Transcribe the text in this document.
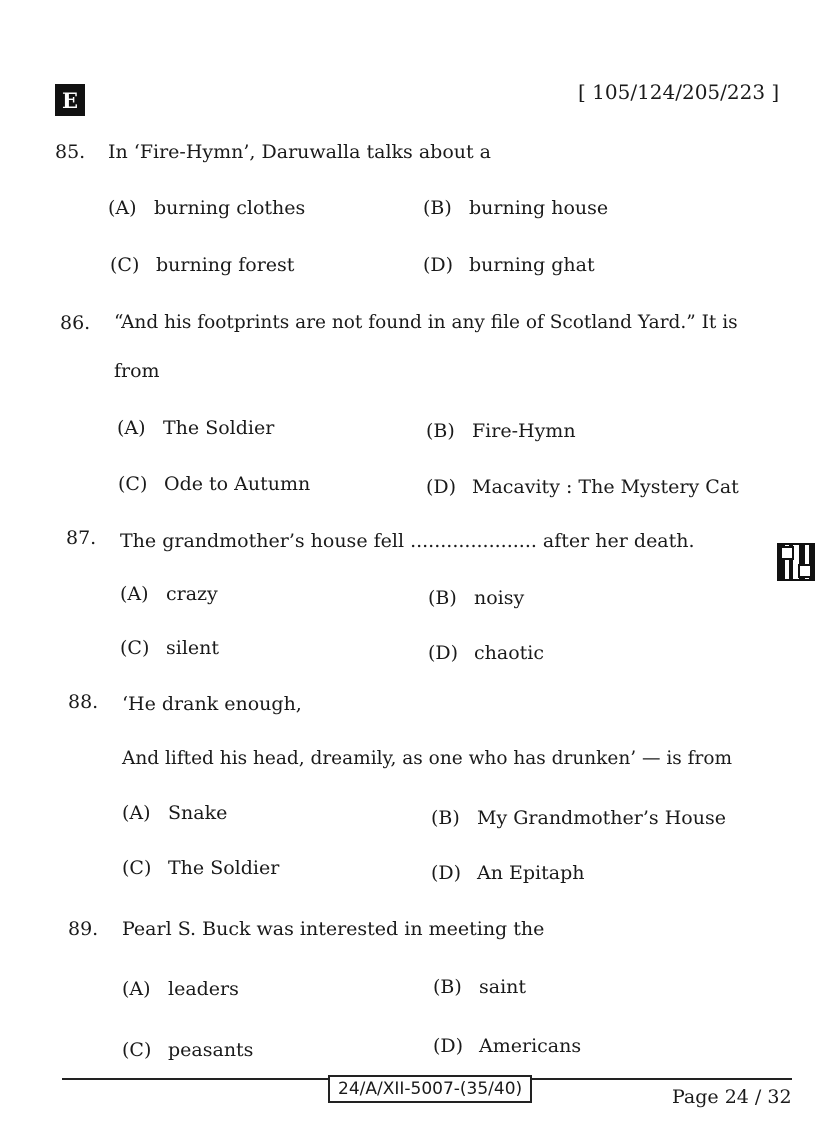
E	[ 105/124/205/223 ]
85. In ‘Fire-Hymn’, Daruwalla talks about a
(A) burning clothes	(B) burning house
(C) burning forest	(D) burning ghat
86. “And his footprints are not found in any file of Scotland Yard.” It is
from
(A) The Soldier	(B) Fire-Hymn
(C) Ode to Autumn	(D) Macavity : The Mystery Cat
87. The grandmother’s house fell ..................... after her death.
(A) crazy	(B) noisy
(C) silent	(D) chaotic
88. ‘He drank enough,
And lifted his head, dreamily, as one who has drunken’ — is from
(A) Snake	(B) My Grandmother’s House
(C) The Soldier	(D) An Epitaph
89. Pearl S. Buck was interested in meeting the
(A) leaders	(B) saint
(C) peasants	(D) Americans
24/A/XII-5007-(35/40)	Page 24 / 32
